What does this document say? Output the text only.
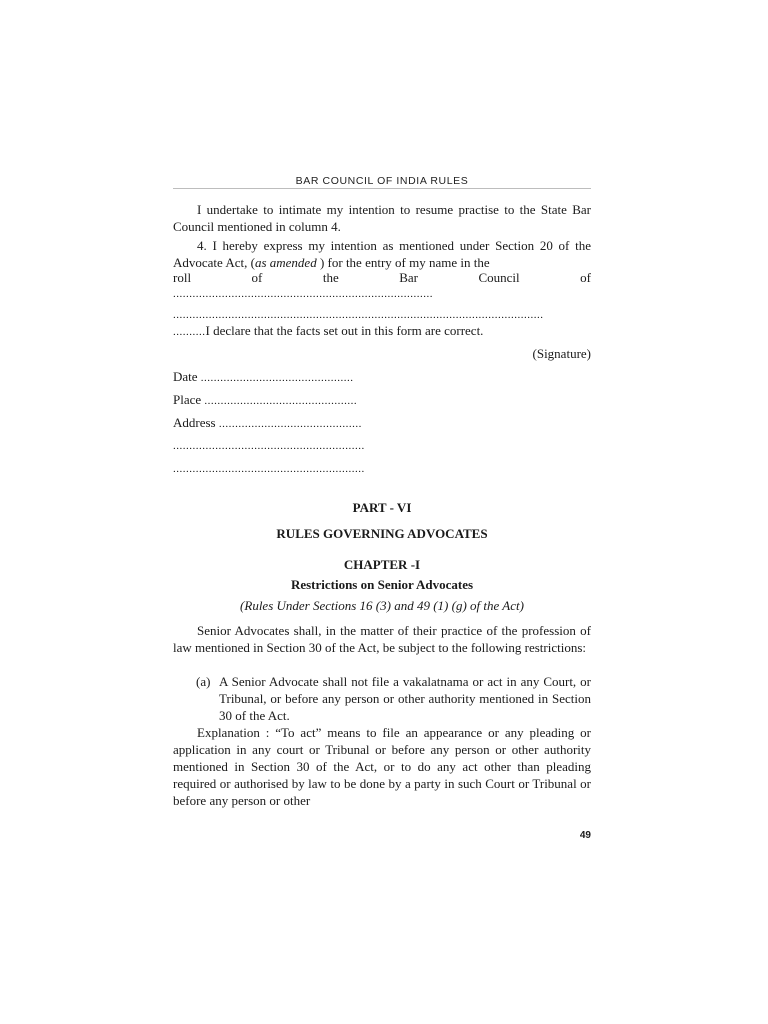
BAR COUNCIL OF INDIA RULES

I undertake to intimate my intention to resume practise to the State Bar Council mentioned in column 4.

4. I hereby express my intention as mentioned under Section 20 of the Advocate Act, (as amended ) for the entry of my name in the

roll	of	the	Bar	Council	of
................................................................................
..................................................................................................................
..........I declare that the facts set out in this form are correct.
(Signature)
Date ...............................................
Place ...............................................
Address ............................................
...........................................................
...........................................................
PART - VI
RULES GOVERNING ADVOCATES
CHAPTER -I
Restrictions on Senior Advocates
(Rules Under Sections 16 (3) and 49 (1) (g) of the Act)

Senior Advocates shall, in the matter of their practice of the profession of law mentioned in Section 30 of the Act, be subject to the following restrictions:

(a) A Senior Advocate shall not file a vakalatnama or act in any Court, or Tribunal, or before any person or other authority mentioned in Section 30 of the Act.

Explanation : “To act” means to file an appearance or any pleading or application in any court or Tribunal or before any person or other authority mentioned in Section 30 of the Act, or to do any act other than pleading required or authorised by law to be done by a party in such Court or Tribunal or before any person or other

49
